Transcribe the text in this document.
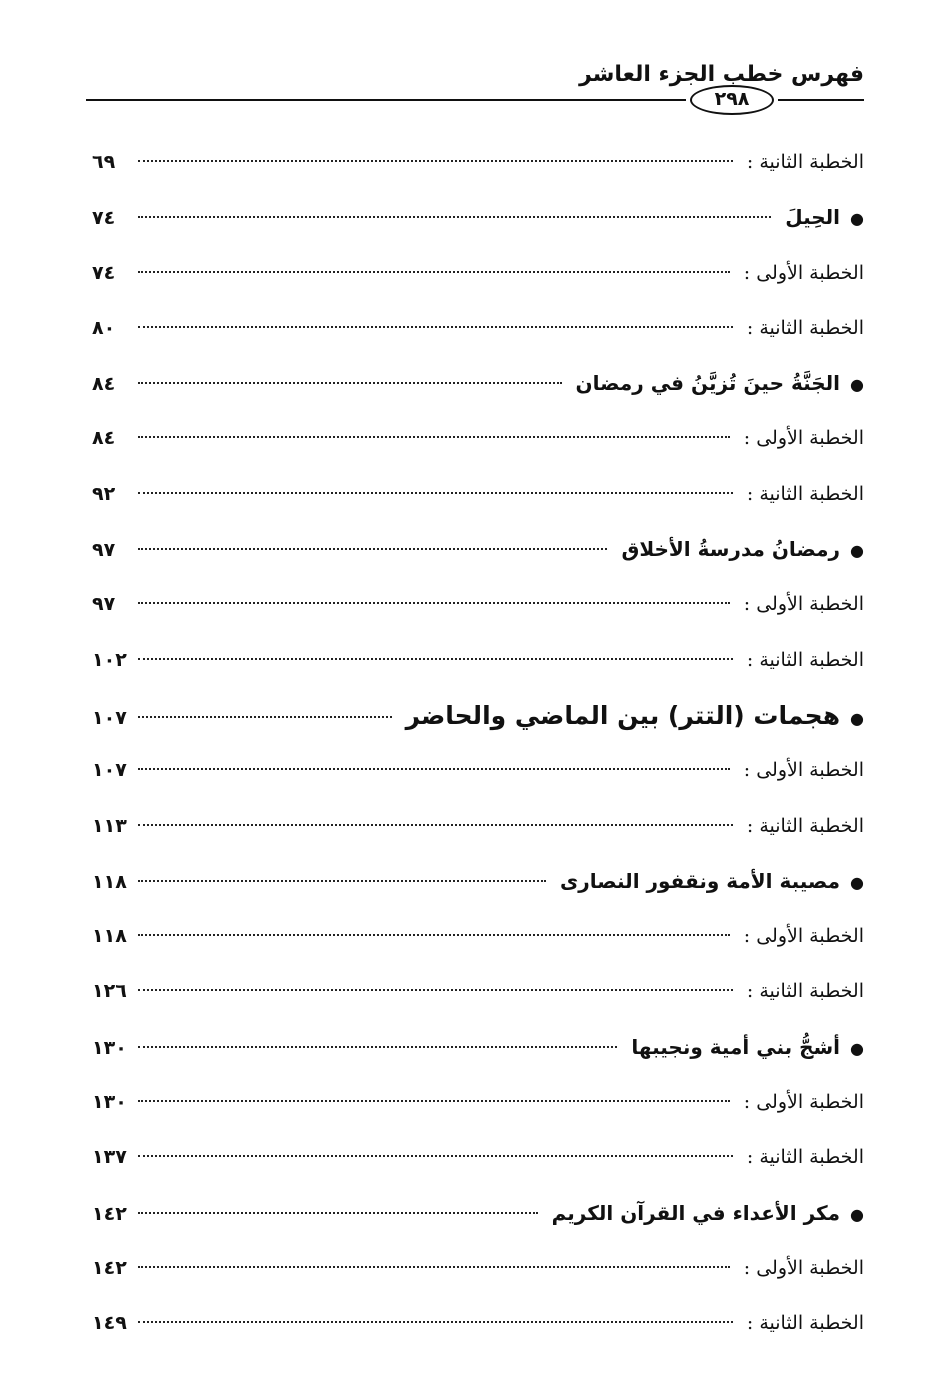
فهرس خطب الجزء العاشر
٢٩٨
الخطبة الثانية :
٦٩
●
الحِيلَ
٧٤
الخطبة الأولى :
٧٤
الخطبة الثانية :
٨٠
●
الجَنَّةُ حينَ تُزيَّنُ في رمضان
٨٤
الخطبة الأولى :
٨٤
الخطبة الثانية :
٩٢
●
رمضانُ مدرسةُ الأخلاق
٩٧
الخطبة الأولى :
٩٧
الخطبة الثانية :
١٠٢
●
هجمات (التتر) بين الماضي والحاضر
١٠٧
الخطبة الأولى :
١٠٧
الخطبة الثانية :
١١٣
●
مصيبة الأمة ونقفور النصارى
١١٨
الخطبة الأولى :
١١٨
الخطبة الثانية :
١٢٦
●
أشجُّ بني أمية ونجيبها
١٣٠
الخطبة الأولى :
١٣٠
الخطبة الثانية :
١٣٧
●
مكر الأعداء في القرآن الكريم
١٤٢
الخطبة الأولى :
١٤٢
الخطبة الثانية :
١٤٩
